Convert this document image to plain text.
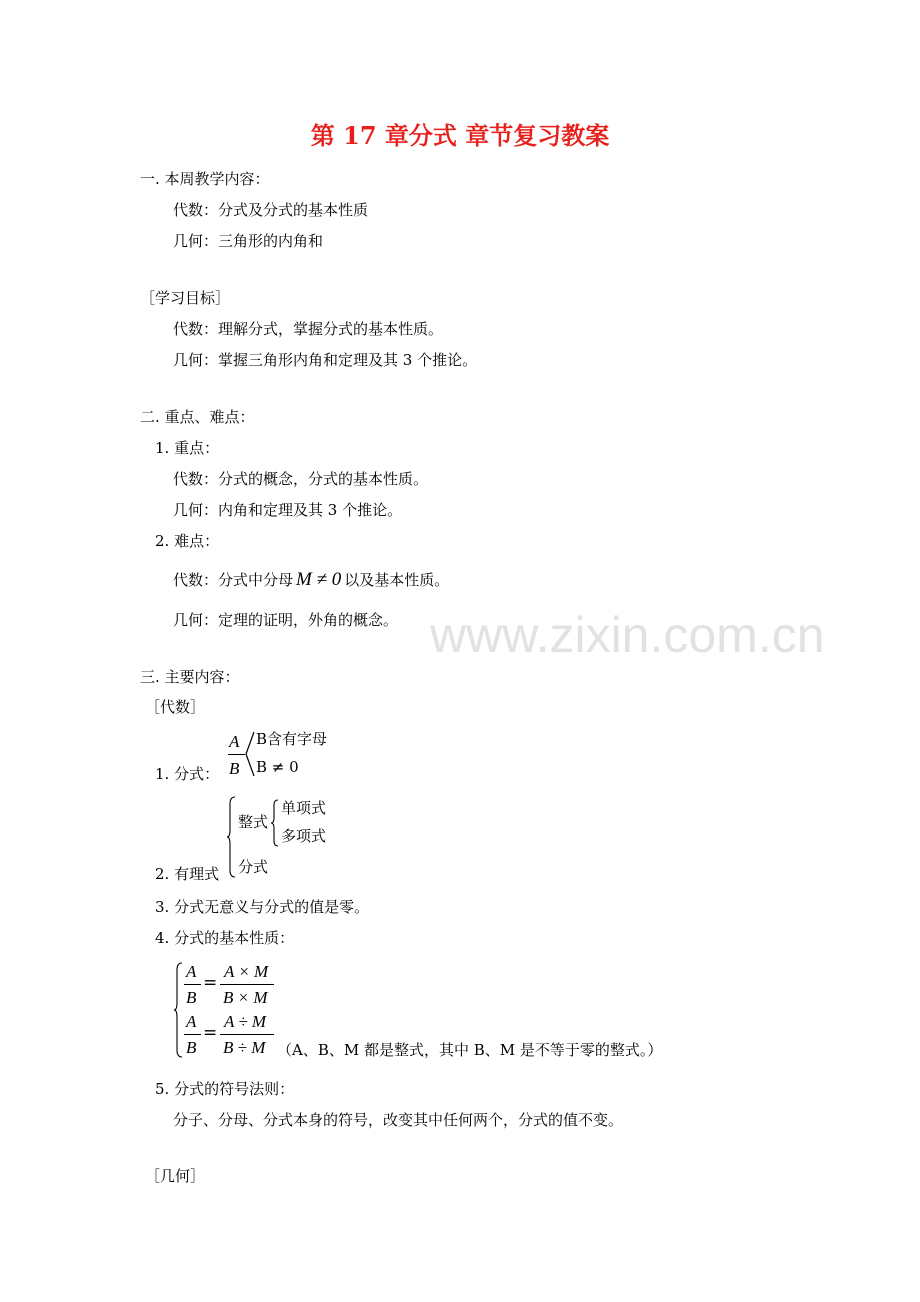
www.zixin.com.cn
第 17 章分式 章节复习教案
一. 本周教学内容：
代数：分式及分式的基本性质
几何：三角形的内角和
［学习目标］
代数：理解分式，掌握分式的基本性质。
几何：掌握三角形内角和定理及其 3 个推论。
二. 重点、难点：
1. 重点：
代数：分式的概念，分式的基本性质。
几何：内角和定理及其 3 个推论。
2. 难点：
代数：分式中分母 M ≠ 0 以及基本性质。
几何：定理的证明，外角的概念。
三. 主要内容：
［代数］
1. 分式：
A
B
B含有字母
B ≠ 0
整式
单项式
多项式
分式
2. 有理式
3. 分式无意义与分式的值是零。
4. 分式的基本性质：
A
B
=
A × M
B × M
A
B
=
A ÷ M
B ÷ M （A、B、M 都是整式，其中 B、M 是不等于零的整式。）
5. 分式的符号法则：
分子、分母、分式本身的符号，改变其中任何两个，分式的值不变。
［几何］
